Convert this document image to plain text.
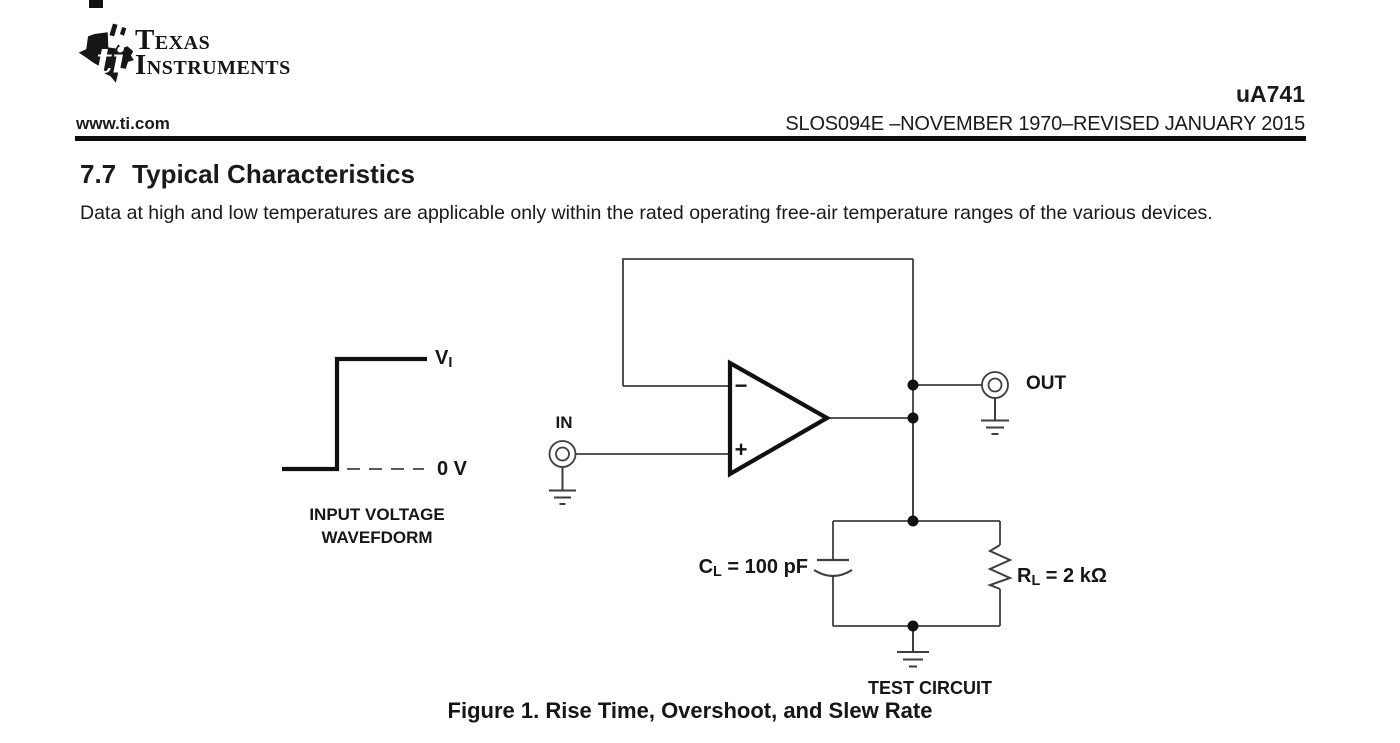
ti
Texas
Instruments
uA741
www.ti.com	SLOS094E –NOVEMBER 1970–REVISED JANUARY 2015
7.7 Typical Characteristics
Data at high and low temperatures are applicable only within the rated operating free-air temperature ranges of the various devices.
$V_I$
0 V
INPUT VOLTAGE
WAVEFDORM
IN
OUT
−
+
$C_L = 100$ pF	$R_L = 2$ kΩ
TEST CIRCUIT
Figure 1. Rise Time, Overshoot, and Slew Rate
